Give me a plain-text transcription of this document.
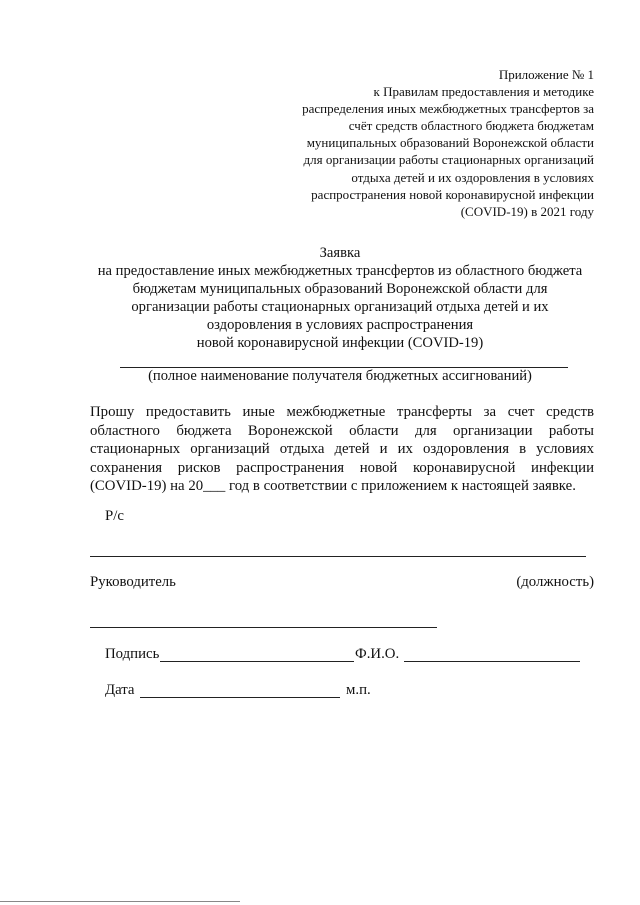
Приложение № 1
к Правилам предоставления и методике
распределения иных межбюджетных трансфертов за
счёт средств областного бюджета бюджетам
муниципальных образований Воронежской области
для организации работы стационарных организаций
отдыха детей и их оздоровления в условиях
распространения новой коронавирусной инфекции
(COVID-19) в 2021 году
Заявка
на предоставление иных межбюджетных трансфертов из областного бюджета
бюджетам муниципальных образований Воронежской области для
организации работы стационарных организаций отдыха детей и их
оздоровления в условиях распространения
новой коронавирусной инфекции (COVID-19)
(полное наименование получателя бюджетных ассигнований)
Прошу предоставить иные межбюджетные трансферты за счет средств
областного бюджета Воронежской области для организации работы
стационарных организаций отдыха детей и их оздоровления в условиях
сохранения рисков распространения новой коронавирусной инфекции
(COVID-19) на 20___ год в соответствии с приложением к настоящей заявке.
Р/с
Руководитель	(должность)
Подпись	Ф.И.О.
Дата	м.п.
